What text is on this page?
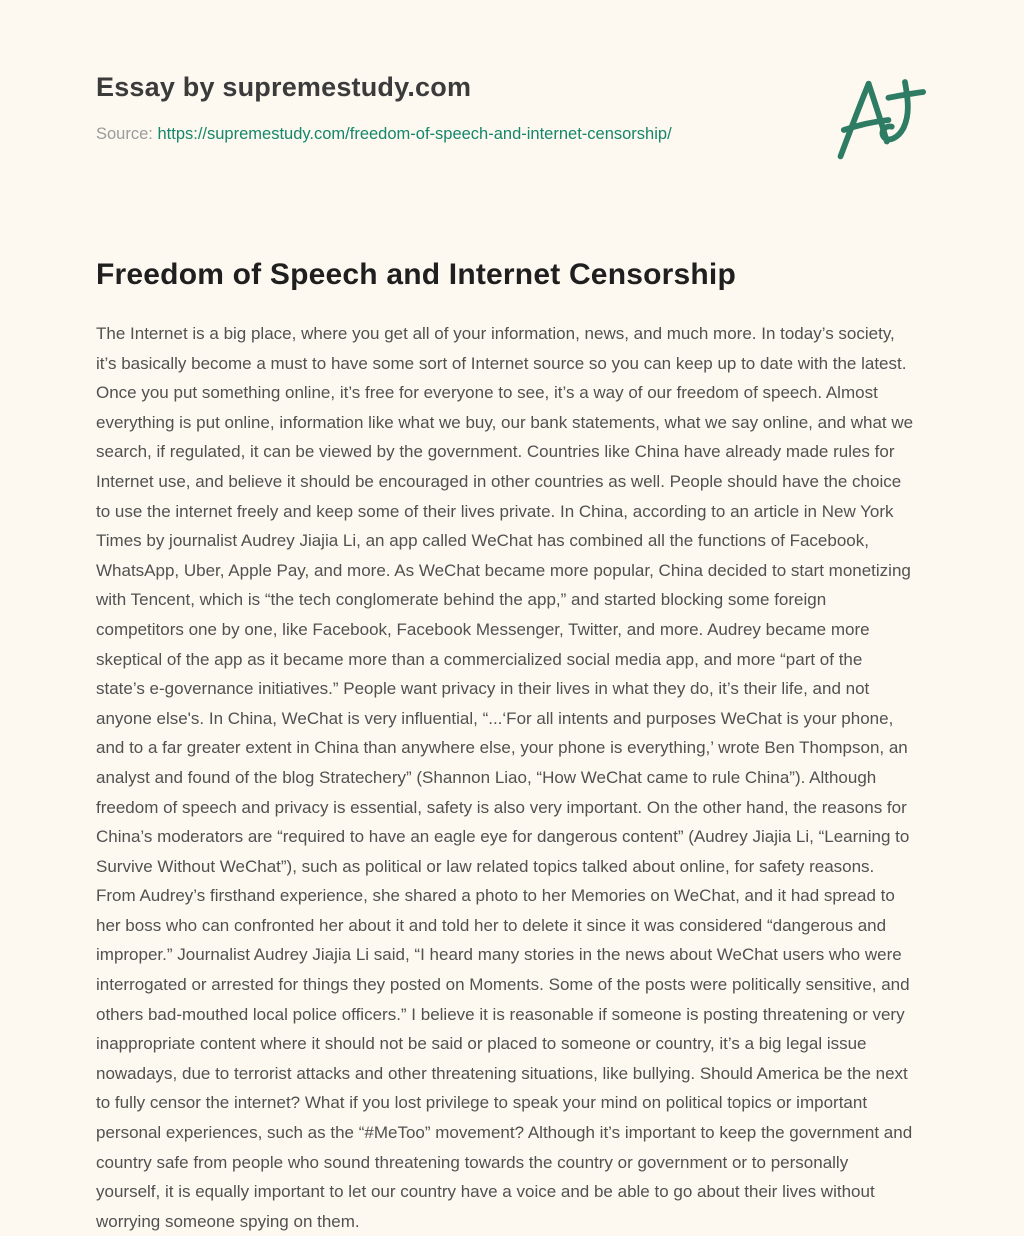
Essay by supremestudy.com
Source: https://supremestudy.com/freedom-of-speech-and-internet-censorship/
Freedom of Speech and Internet Censorship

The Internet is a big place, where you get all of your information, news, and much more. In today’s society, it’s basically become a must to have some sort of Internet source so you can keep up to date with the latest. Once you put something online, it’s free for everyone to see, it’s a way of our freedom of speech. Almost everything is put online, information like what we buy, our bank statements, what we say online, and what we search, if regulated, it can be viewed by the government. Countries like China have already made rules for Internet use, and believe it should be encouraged in other countries as well. People should have the choice to use the internet freely and keep some of their lives private. In China, according to an article in New York Times by journalist Audrey Jiajia Li, an app called WeChat has combined all the functions of Facebook, WhatsApp, Uber, Apple Pay, and more. As WeChat became more popular, China decided to start monetizing with Tencent, which is “the tech conglomerate behind the app,” and started blocking some foreign competitors one by one, like Facebook, Facebook Messenger, Twitter, and more. Audrey became more skeptical of the app as it became more than a commercialized social media app, and more “part of the state’s e-governance initiatives.” People want privacy in their lives in what they do, it’s their life, and not anyone else's. In China, WeChat is very influential, “...‘For all intents and purposes WeChat is your phone, and to a far greater extent in China than anywhere else, your phone is everything,’ wrote Ben Thompson, an analyst and found of the blog Stratechery” (Shannon Liao, “How WeChat came to rule China”). Although freedom of speech and privacy is essential, safety is also very important. On the other hand, the reasons for China’s moderators are “required to have an eagle eye for dangerous content” (Audrey Jiajia Li, “Learning to Survive Without WeChat”), such as political or law related topics talked about online, for safety reasons. From Audrey’s firsthand experience, she shared a photo to her Memories on WeChat, and it had spread to her boss who can confronted her about it and told her to delete it since it was considered “dangerous and improper.” Journalist Audrey Jiajia Li said, “I heard many stories in the news about WeChat users who were interrogated or arrested for things they posted on Moments. Some of the posts were politically sensitive, and others bad-mouthed local police officers.” I believe it is reasonable if someone is posting threatening or very inappropriate content where it should not be said or placed to someone or country, it’s a big legal issue nowadays, due to terrorist attacks and other threatening situations, like bullying. Should America be the next to fully censor the internet? What if you lost privilege to speak your mind on political topics or important personal experiences, such as the “#MeToo” movement? Although it’s important to keep the government and country safe from people who sound threatening towards the country or government or to personally yourself, it is equally important to let our country have a voice and be able to go about their lives without worrying someone spying on them.
